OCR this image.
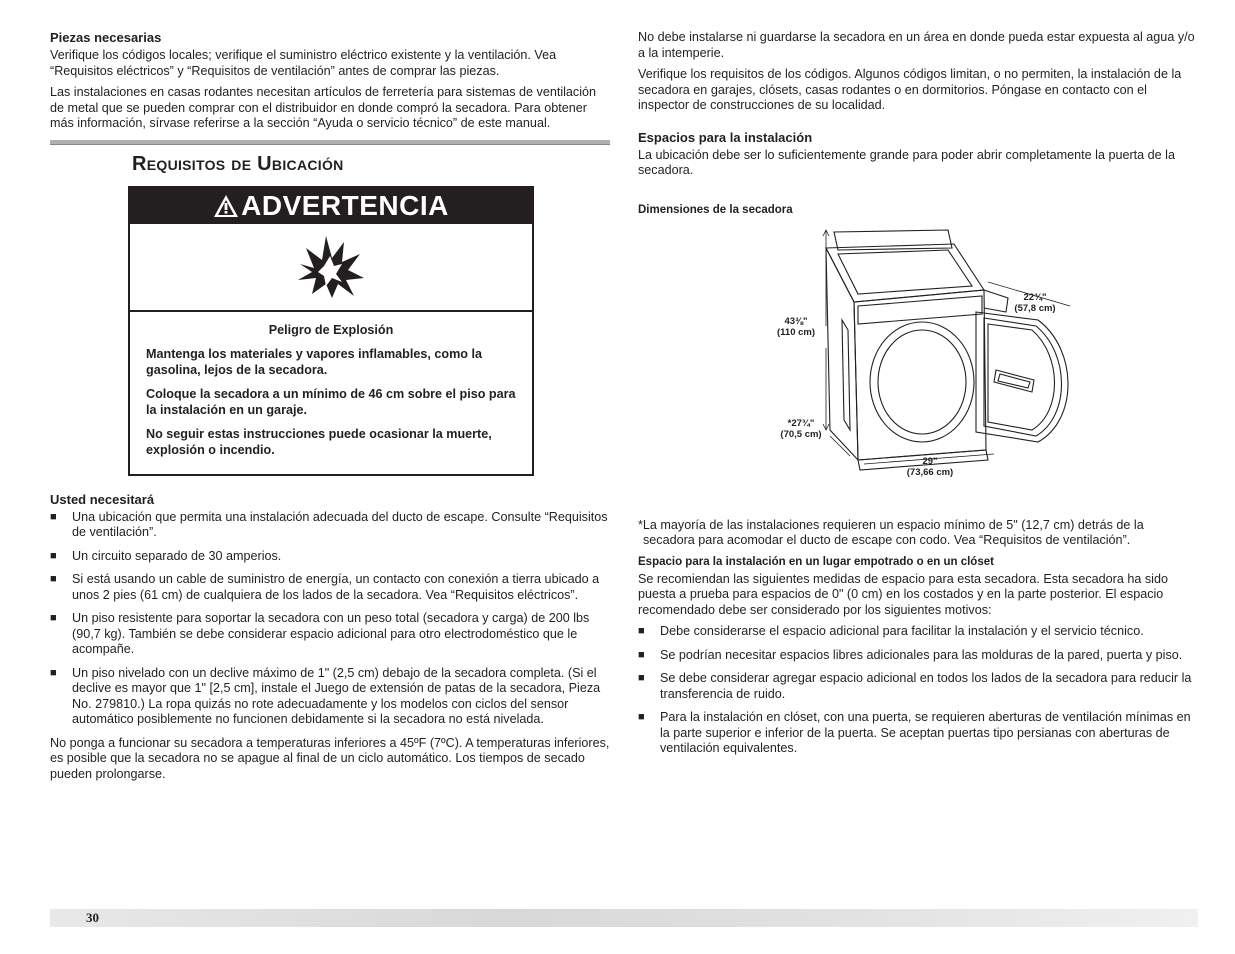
Piezas necesarias

Verifique los códigos locales; verifique el suministro eléctrico existente y la ventilación. Vea “Requisitos eléctricos” y “Requisitos de ventilación” antes de comprar las piezas.

Las instalaciones en casas rodantes necesitan artículos de ferretería para sistemas de ventilación de metal que se pueden comprar con el distribuidor en donde compró la secadora. Para obtener más información, sírvase referirse a la sección “Ayuda o servicio técnico” de este manual.

Requisitos de Ubicación
ADVERTENCIA
Peligro de Explosión
Mantenga los materiales y vapores inflamables, como la gasolina, lejos de la secadora.
Coloque la secadora a un mínimo de 46 cm sobre el piso para la instalación en un garaje.
No seguir estas instrucciones puede ocasionar la muerte, explosión o incendio.
Usted necesitará
■ Una ubicación que permita una instalación adecuada del ducto de escape. Consulte “Requisitos de ventilación”.
■ Un circuito separado de 30 amperios.
■ Si está usando un cable de suministro de energía, un contacto con conexión a tierra ubicado a unos 2 pies (61 cm) de cualquiera de los lados de la secadora. Vea “Requisitos eléctricos”.
■ Un piso resistente para soportar la secadora con un peso total (secadora y carga) de 200 lbs (90,7 kg). También se debe considerar espacio adicional para otro electrodoméstico que le acompañe.
■ Un piso nivelado con un declive máximo de 1" (2,5 cm) debajo de la secadora completa. (Si el declive es mayor que 1" [2,5 cm], instale el Juego de extensión de patas de la secadora, Pieza No. 279810.) La ropa quizás no rote adecuadamente y los modelos con ciclos del sensor automático posiblemente no funcionen debidamente si la secadora no está nivelada.

No ponga a funcionar su secadora a temperaturas inferiores a 45ºF (7ºC). A temperaturas inferiores, es posible que la secadora no se apague al final de un ciclo automático. Los tiempos de secado pueden prolongarse.

No debe instalarse ni guardarse la secadora en un área en donde pueda estar expuesta al agua y/o a la intemperie.

Verifique los requisitos de los códigos. Algunos códigos limitan, o no permiten, la instalación de la secadora en garajes, clósets, casas rodantes o en dormitorios. Póngase en contacto con el inspector de construcciones de su localidad.

Espacios para la instalación

La ubicación debe ser lo suficientemente grande para poder abrir completamente la puerta de la secadora.

Dimensiones de la secadora
43⅜"
(110 cm)
*27¾"
(70,5 cm)
29"
(73,66 cm)
22¾"
(57,8 cm)

*La mayoría de las instalaciones requieren un espacio mínimo de 5" (12,7 cm) detrás de la secadora para acomodar el ducto de escape con codo. Vea “Requisitos de ventilación”.

Espacio para la instalación en un lugar empotrado o en un clóset

Se recomiendan las siguientes medidas de espacio para esta secadora. Esta secadora ha sido puesta a prueba para espacios de 0" (0 cm) en los costados y en la parte posterior. El espacio recomendado debe ser considerado por los siguientes motivos:

■ Debe considerarse el espacio adicional para facilitar la instalación y el servicio técnico.
■ Se podrían necesitar espacios libres adicionales para las molduras de la pared, puerta y piso.
■ Se debe considerar agregar espacio adicional en todos los lados de la secadora para reducir la transferencia de ruido.
■ Para la instalación en clóset, con una puerta, se requieren aberturas de ventilación mínimas en la parte superior e inferior de la puerta. Se aceptan puertas tipo persianas con aberturas de ventilación equivalentes.
30
